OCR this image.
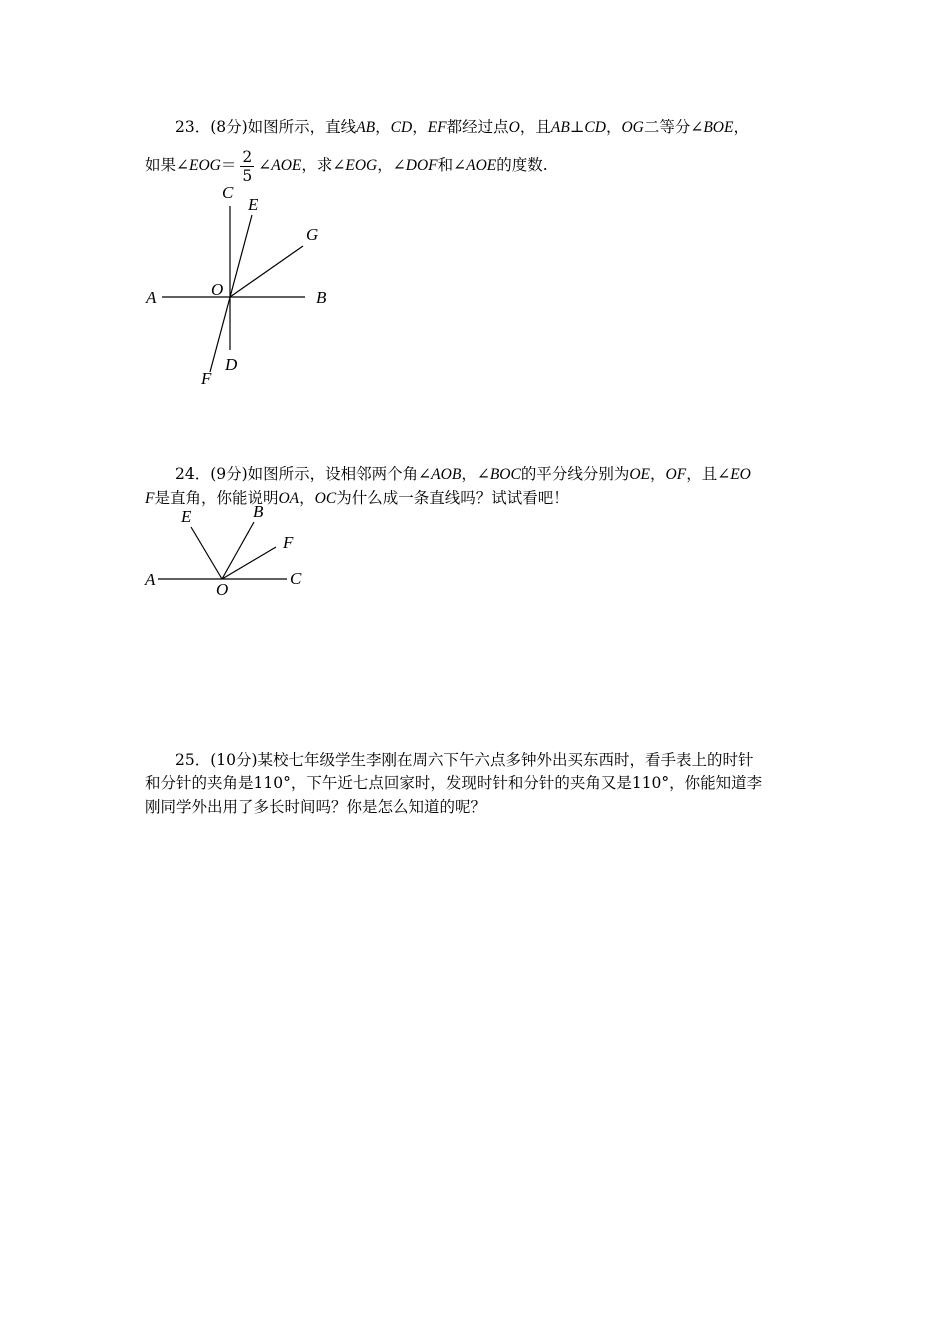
23．(8分)如图所示，直线AB，CD，EF都经过点O，且AB⊥CD，OG二等分∠BOE，
如果∠EOG＝ $\frac{2}{5}$ ∠AOE，求∠EOG，∠DOF和∠AOE的度数.
C
E
G
A	O	B
D
F
E	B
F
A
O
C
24．(9分)如图所示，设相邻两个角∠AOB，∠BOC的平分线分别为OE，OF，且∠EO
F是直角，你能说明OA，OC为什么成一条直线吗？试试看吧！
25．(10分)某校七年级学生李刚在周六下午六点多钟外出买东西时，看手表上的时针
和分针的夹角是110°，下午近七点回家时，发现时针和分针的夹角又是110°，你能知道李
刚同学外出用了多长时间吗？你是怎么知道的呢？
